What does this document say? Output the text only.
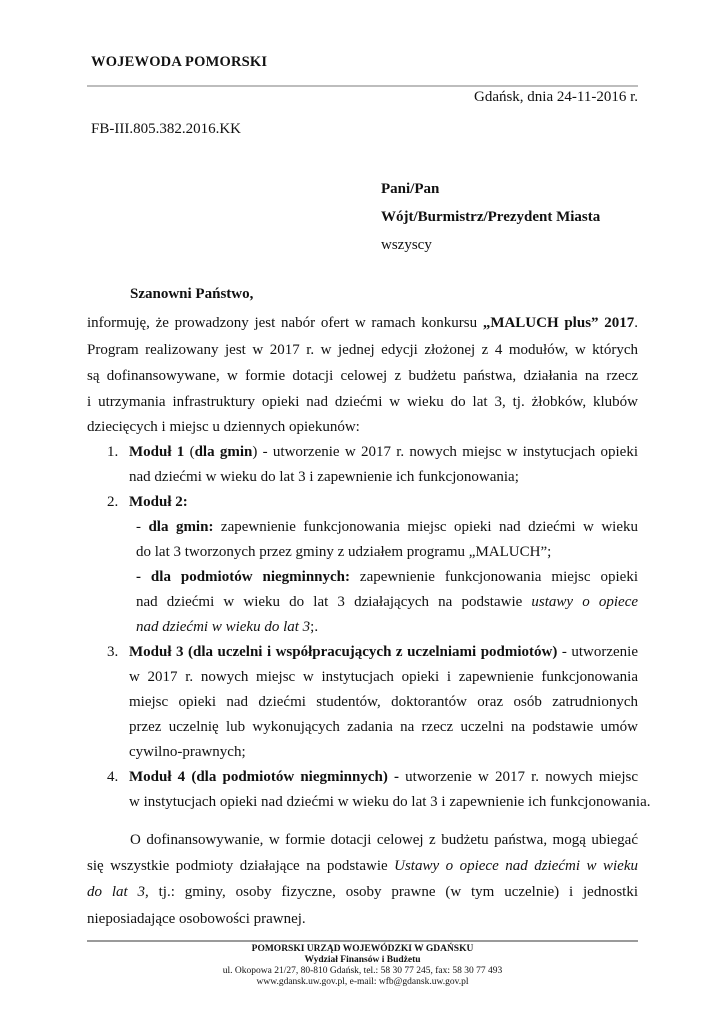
WOJEWODA POMORSKI
Gdańsk, dnia 24-11-2016 r.
FB-III.805.382.2016.KK
Pani/Pan
Wójt/Burmistrz/Prezydent Miasta
wszyscy
Szanowni Państwo,
informuję, że prowadzony jest nabór ofert w ramach konkursu „MALUCH plus” 2017.
Program realizowany jest w 2017 r. w jednej edycji złożonej z 4 modułów, w których
są dofinansowywane, w formie dotacji celowej z budżetu państwa, działania na rzecz
i utrzymania infrastruktury opieki nad dziećmi w wieku do lat 3, tj. żłobków, klubów
dziecięcych i miejsc u dziennych opiekunów:
1. Moduł 1 (dla gmin) - utworzenie w 2017 r. nowych miejsc w instytucjach opieki
nad dziećmi w wieku do lat 3 i zapewnienie ich funkcjonowania;
2. Moduł 2:
- dla gmin: zapewnienie funkcjonowania miejsc opieki nad dziećmi w wieku
do lat 3 tworzonych przez gminy z udziałem programu „MALUCH”;
- dla podmiotów niegminnych: zapewnienie funkcjonowania miejsc opieki
nad dziećmi w wieku do lat 3 działających na podstawie ustawy o opiece
nad dziećmi w wieku do lat 3;.
3. Moduł 3 (dla uczelni i współpracujących z uczelniami podmiotów) - utworzenie
w 2017 r. nowych miejsc w instytucjach opieki i zapewnienie funkcjonowania
miejsc opieki nad dziećmi studentów, doktorantów oraz osób zatrudnionych
przez uczelnię lub wykonujących zadania na rzecz uczelni na podstawie umów
cywilno-prawnych;
4. Moduł 4 (dla podmiotów niegminnych) - utworzenie w 2017 r. nowych miejsc
w instytucjach opieki nad dziećmi w wieku do lat 3 i zapewnienie ich funkcjonowania.
O dofinansowywanie, w formie dotacji celowej z budżetu państwa, mogą ubiegać
się wszystkie podmioty działające na podstawie Ustawy o opiece nad dziećmi w wieku
do lat 3, tj.: gminy, osoby fizyczne, osoby prawne (w tym uczelnie) i jednostki
nieposiadające osobowości prawnej.
POMORSKI URZĄD WOJEWÓDZKI W GDAŃSKU
Wydział Finansów i Budżetu
ul. Okopowa 21/27, 80-810 Gdańsk, tel.: 58 30 77 245, fax: 58 30 77 493
www.gdansk.uw.gov.pl, e-mail: wfb@gdansk.uw.gov.pl
